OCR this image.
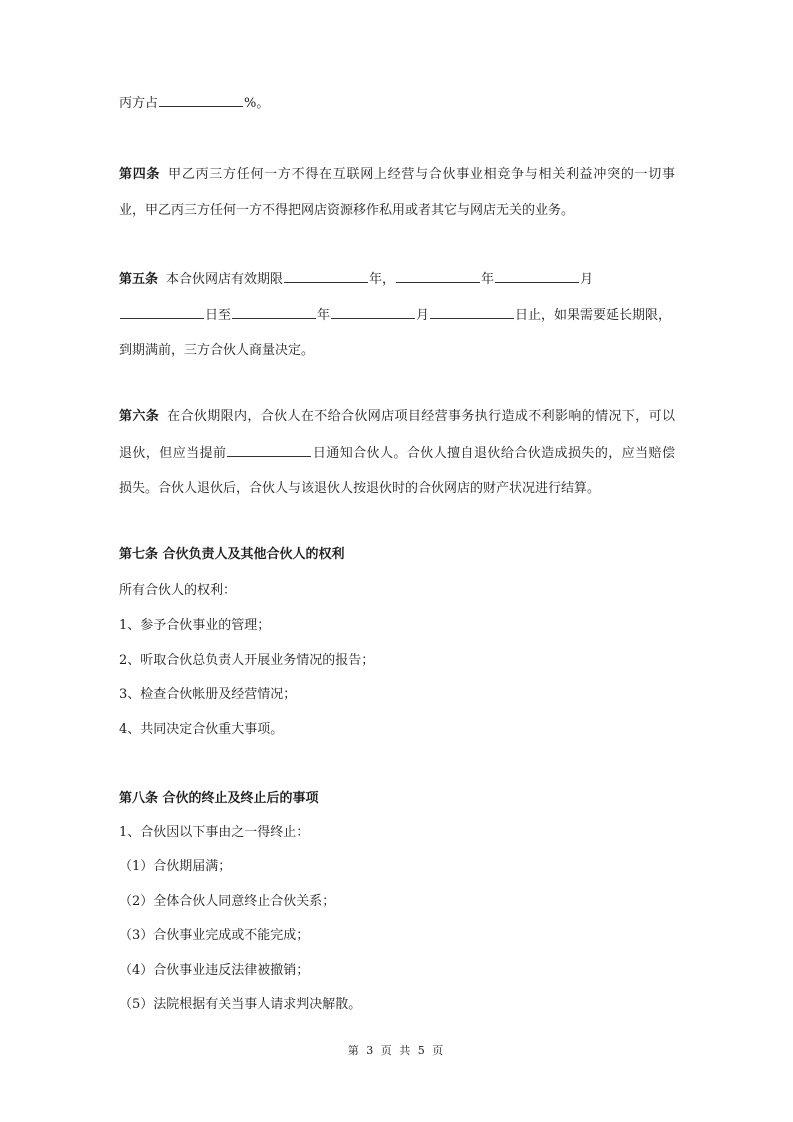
丙方占	%。
第四条 甲乙丙三方任何一方不得在互联网上经营与合伙事业相竞争与相关利益冲突的一切事
业，甲乙丙三方任何一方不得把网店资源移作私用或者其它与网店无关的业务。
第五条 本合伙网店有效期限	年，	年	月
日至	年	月	日止，如果需要延长期限，
到期满前，三方合伙人商量决定。
第六条 在合伙期限内，合伙人在不给合伙网店项目经营事务执行造成不利影响的情况下，可以
退伙，但应当提前	日通知合伙人。合伙人擅自退伙给合伙造成损失的，应当赔偿
损失。合伙人退伙后，合伙人与该退伙人按退伙时的合伙网店的财产状况进行结算。
第七条 合伙负责人及其他合伙人的权利
所有合伙人的权利：
1、参予合伙事业的管理；
2、听取合伙总负责人开展业务情况的报告；
3、检查合伙帐册及经营情况；
4、共同决定合伙重大事项。
第八条 合伙的终止及终止后的事项
1、合伙因以下事由之一得终止：
（1）合伙期届满；
（2）全体合伙人同意终止合伙关系；
（3）合伙事业完成或不能完成；
（4）合伙事业违反法律被撤销；
（5）法院根据有关当事人请求判决解散。
第 3 页 共 5 页
